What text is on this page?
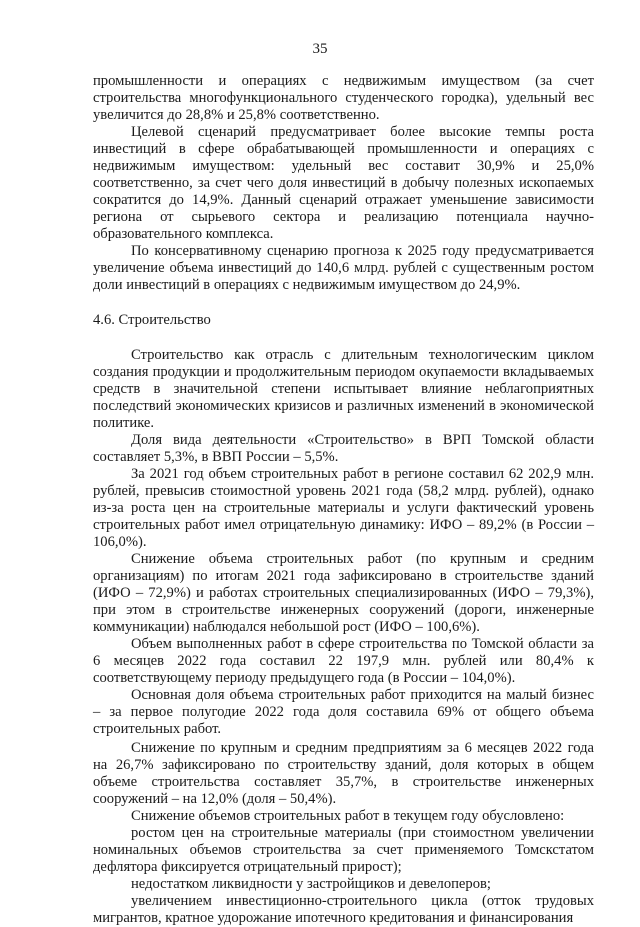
35

промышленности и операциях с недвижимым имуществом (за счет строительства многофункционального студенческого городка), удельный вес увеличится до 28,8% и 25,8% соответственно.

Целевой сценарий предусматривает более высокие темпы роста инвестиций в сфере обрабатывающей промышленности и операциях с недвижимым имуществом: удельный вес составит 30,9% и 25,0% соответственно, за счет чего доля инвестиций в добычу полезных ископаемых сократится до 14,9%. Данный сценарий отражает уменьшение зависимости региона от сырьевого сектора и реализацию потенциала научно-образовательного комплекса.

По консервативному сценарию прогноза к 2025 году предусматривается увеличение объема инвестиций до 140,6 млрд. рублей с существенным ростом доли инвестиций в операциях с недвижимым имуществом до 24,9%.

4.6. Строительство

Строительство как отрасль с длительным технологическим циклом создания продукции и продолжительным периодом окупаемости вкладываемых средств в значительной степени испытывает влияние неблагоприятных последствий экономических кризисов и различных изменений в экономической политике.

Доля вида деятельности «Строительство» в ВРП Томской области составляет 5,3%, в ВВП России – 5,5%.

За 2021 год объем строительных работ в регионе составил 62 202,9 млн. рублей, превысив стоимостной уровень 2021 года (58,2 млрд. рублей), однако из-за роста цен на строительные материалы и услуги фактический уровень строительных работ имел отрицательную динамику: ИФО – 89,2% (в России – 106,0%).

Снижение объема строительных работ (по крупным и средним организациям) по итогам 2021 года зафиксировано в строительстве зданий (ИФО – 72,9%) и работах строительных специализированных (ИФО – 79,3%), при этом в строительстве инженерных сооружений (дороги, инженерные коммуникации) наблюдался небольшой рост (ИФО – 100,6%).

Объем выполненных работ в сфере строительства по Томской области за 6 месяцев 2022 года составил 22 197,9 млн. рублей или 80,4% к соответствующему периоду предыдущего года (в России – 104,0%).

Основная доля объема строительных работ приходится на малый бизнес – за первое полугодие 2022 года доля составила 69% от общего объема строительных работ.

Снижение по крупным и средним предприятиям за 6 месяцев 2022 года на 26,7% зафиксировано по строительству зданий, доля которых в общем объеме строительства составляет 35,7%, в строительстве инженерных сооружений – на 12,0% (доля – 50,4%).

Снижение объемов строительных работ в текущем году обусловлено:

ростом цен на строительные материалы (при стоимостном увеличении номинальных объемов строительства за счет применяемого Томскстатом дефлятора фиксируется отрицательный прирост);

недостатком ликвидности у застройщиков и девелоперов;

увеличением инвестиционно-строительного цикла (отток трудовых мигрантов, кратное удорожание ипотечного кредитования и финансирования
